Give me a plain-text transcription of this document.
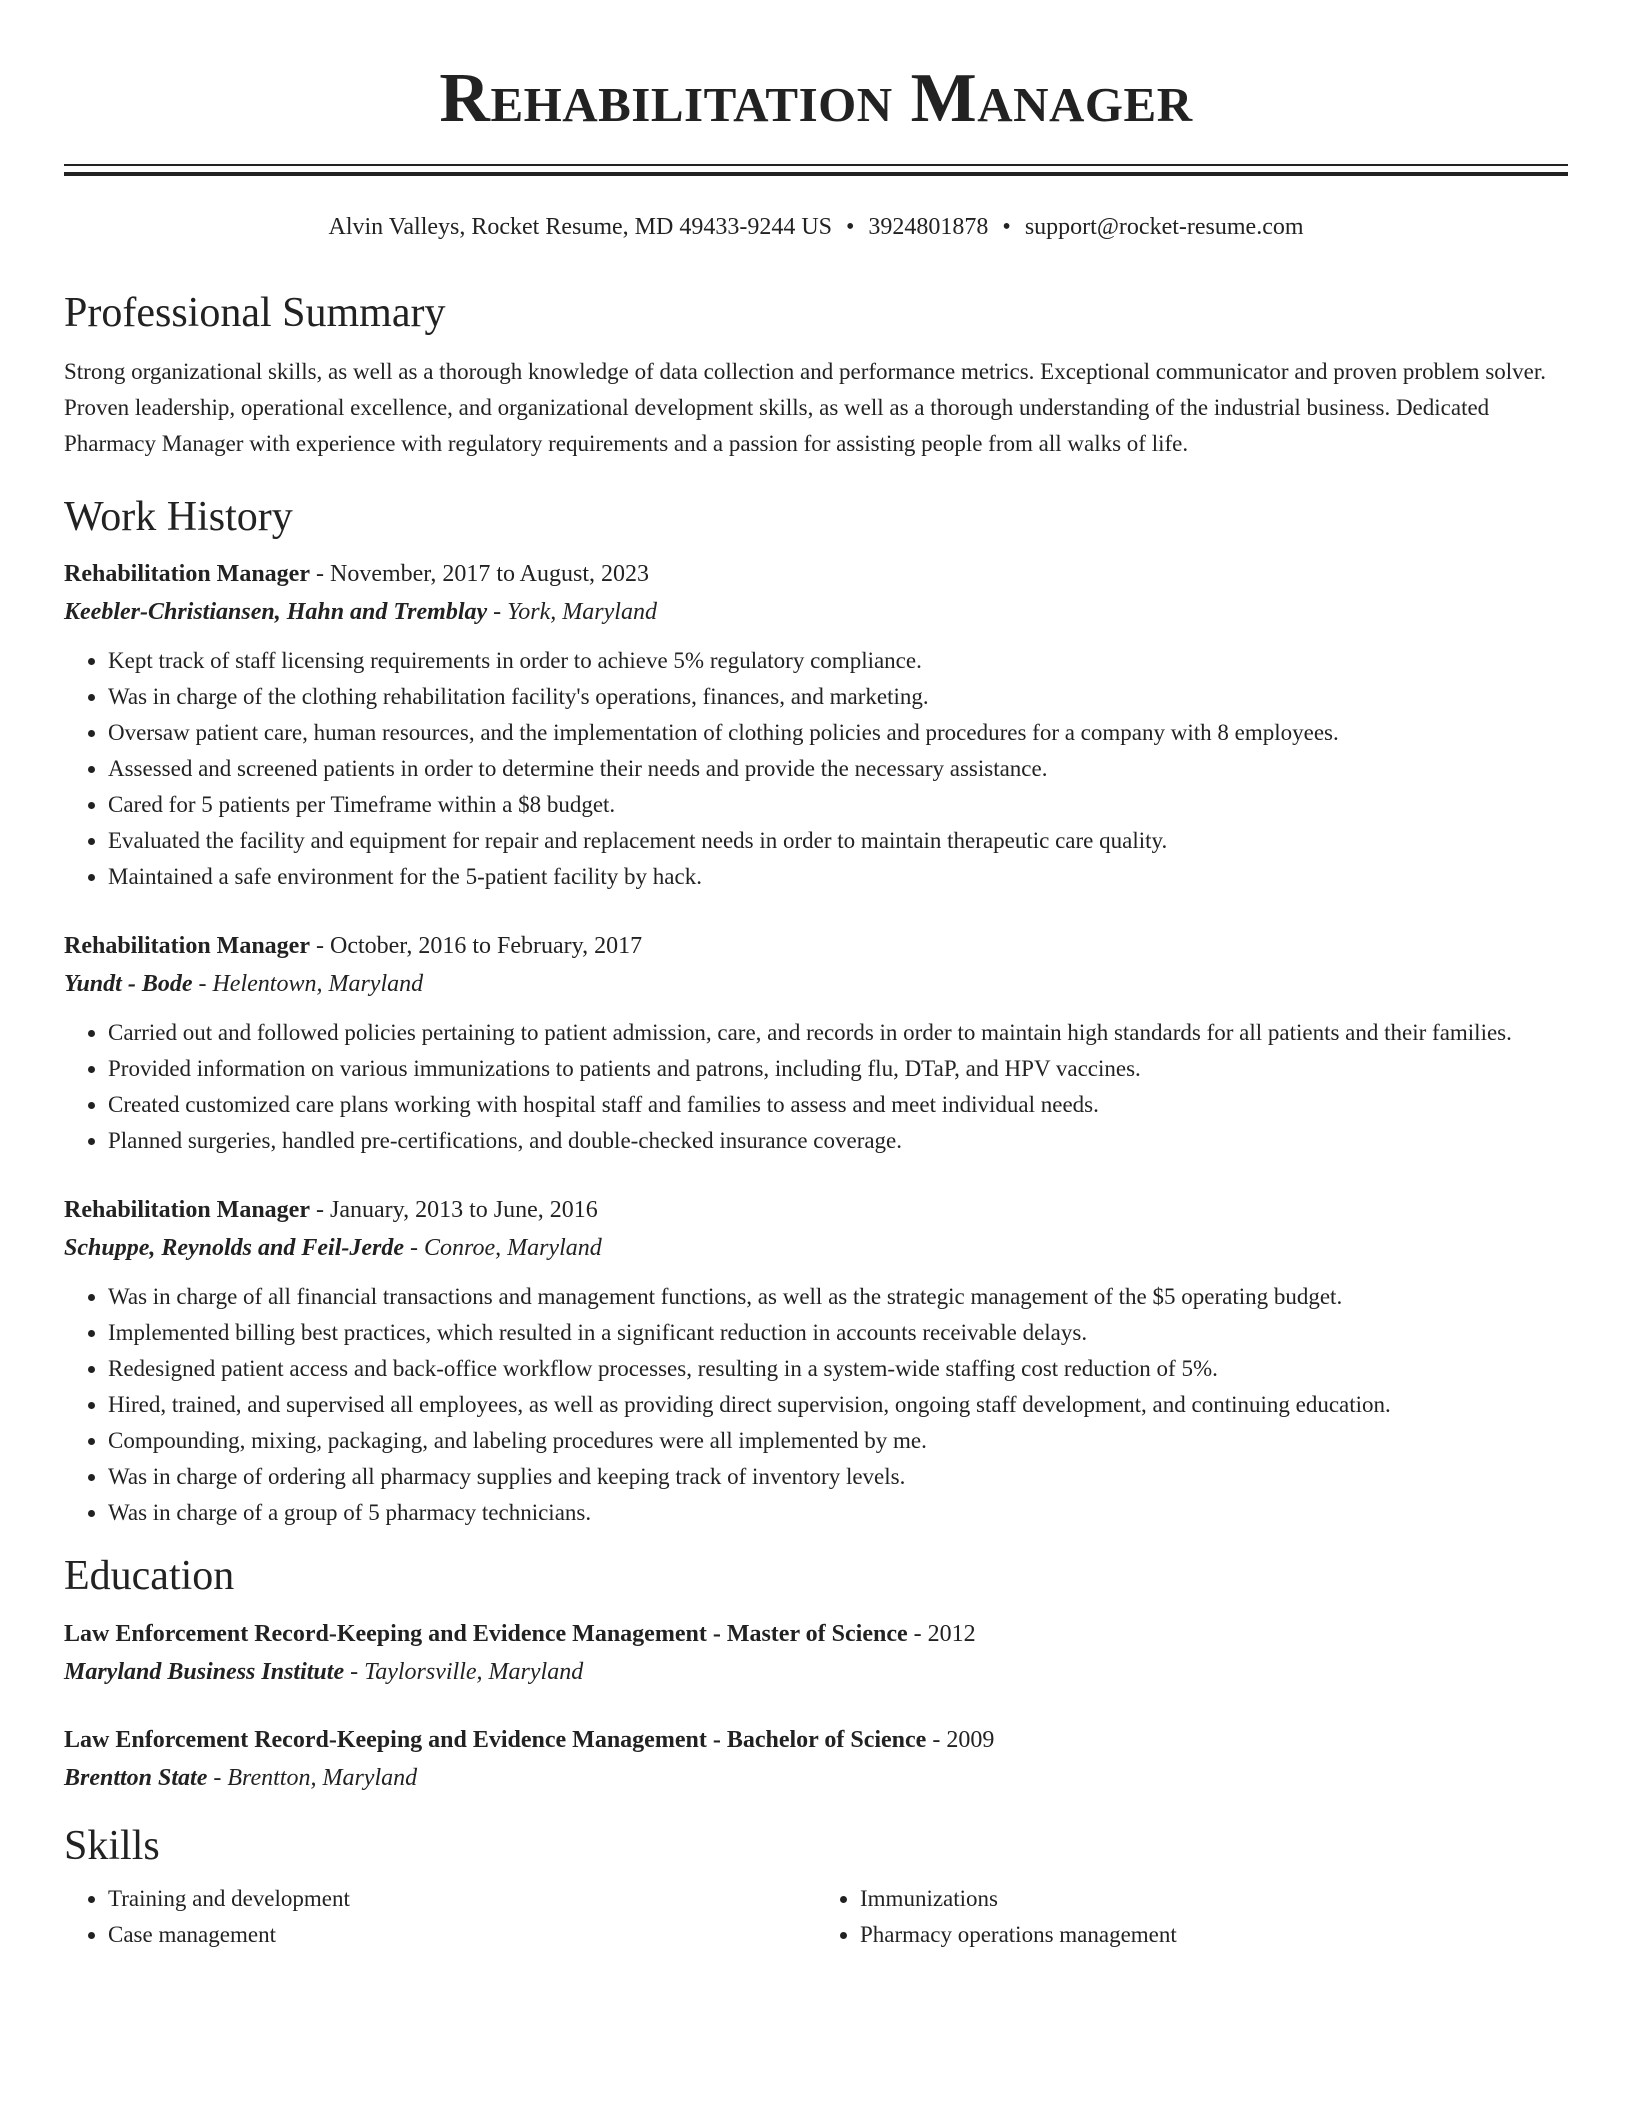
Rehabilitation Manager
Alvin Valleys, Rocket Resume, MD 49433-9244 US • 3924801878 • support@rocket-resume.com
Professional Summary

Strong organizational skills, as well as a thorough knowledge of data collection and performance metrics. Exceptional communicator and proven problem solver. Proven leadership, operational excellence, and organizational development skills, as well as a thorough understanding of the industrial business. Dedicated Pharmacy Manager with experience with regulatory requirements and a passion for assisting people from all walks of life.

Work History
Rehabilitation Manager - November, 2017 to August, 2023
Keebler-Christiansen, Hahn and Tremblay - York, Maryland
• Kept track of staff licensing requirements in order to achieve 5% regulatory compliance.
• Was in charge of the clothing rehabilitation facility's operations, finances, and marketing.
• Oversaw patient care, human resources, and the implementation of clothing policies and procedures for a company with 8 employees.
• Assessed and screened patients in order to determine their needs and provide the necessary assistance.
• Cared for 5 patients per Timeframe within a $8 budget.
• Evaluated the facility and equipment for repair and replacement needs in order to maintain therapeutic care quality.
• Maintained a safe environment for the 5-patient facility by hack.
Rehabilitation Manager - October, 2016 to February, 2017
Yundt - Bode - Helentown, Maryland
• Carried out and followed policies pertaining to patient admission, care, and records in order to maintain high standards for all patients and their families.
• Provided information on various immunizations to patients and patrons, including flu, DTaP, and HPV vaccines.
• Created customized care plans working with hospital staff and families to assess and meet individual needs.
• Planned surgeries, handled pre-certifications, and double-checked insurance coverage.
Rehabilitation Manager - January, 2013 to June, 2016
Schuppe, Reynolds and Feil-Jerde - Conroe, Maryland
• Was in charge of all financial transactions and management functions, as well as the strategic management of the $5 operating budget.
• Implemented billing best practices, which resulted in a significant reduction in accounts receivable delays.
• Redesigned patient access and back-office workflow processes, resulting in a system-wide staffing cost reduction of 5%.
• Hired, trained, and supervised all employees, as well as providing direct supervision, ongoing staff development, and continuing education.
• Compounding, mixing, packaging, and labeling procedures were all implemented by me.
• Was in charge of ordering all pharmacy supplies and keeping track of inventory levels.
• Was in charge of a group of 5 pharmacy technicians.
Education
Law Enforcement Record-Keeping and Evidence Management - Master of Science - 2012
Maryland Business Institute - Taylorsville, Maryland
Law Enforcement Record-Keeping and Evidence Management - Bachelor of Science - 2009
Brentton State - Brentton, Maryland
Skills
• Training and development
• Case management
• Immunizations
• Pharmacy operations management
